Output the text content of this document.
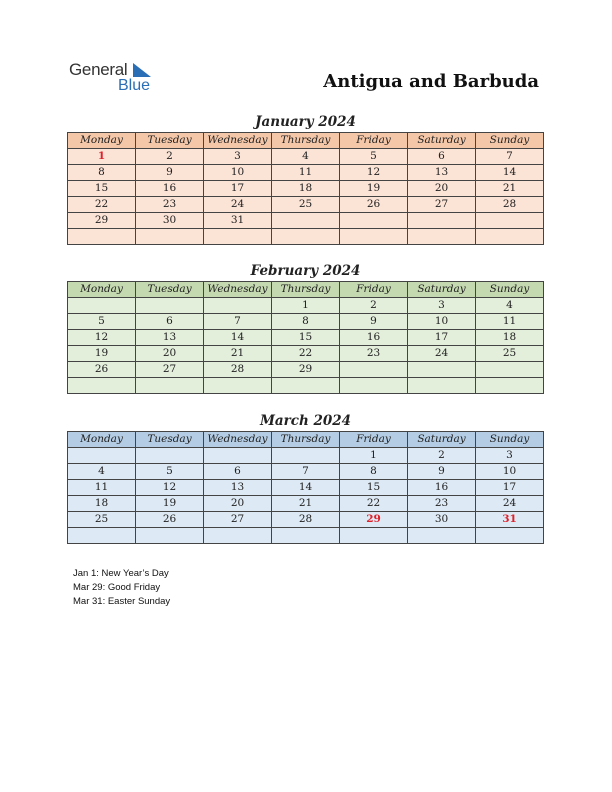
General
Blue	Antigua and Barbuda
January 2024
Monday	Tuesday	Wednesday	Thursday	Friday	Saturday	Sunday
1	2	3	4	5	6	7
8	9	10	11	12	13	14
15	16	17	18	19	20	21
22	23	24	25	26	27	28
29	30	31				

February 2024
Monday	Tuesday	Wednesday	Thursday	Friday	Saturday	Sunday
			1	2	3	4
5	6	7	8	9	10	11
12	13	14	15	16	17	18
19	20	21	22	23	24	25
26	27	28	29			

March 2024
Monday	Tuesday	Wednesday	Thursday	Friday	Saturday	Sunday
				1	2	3
4	5	6	7	8	9	10
11	12	13	14	15	16	17
18	19	20	21	22	23	24
25	26	27	28	29	30	31

Jan 1: New Year’s Day
Mar 29: Good Friday
Mar 31: Easter Sunday
